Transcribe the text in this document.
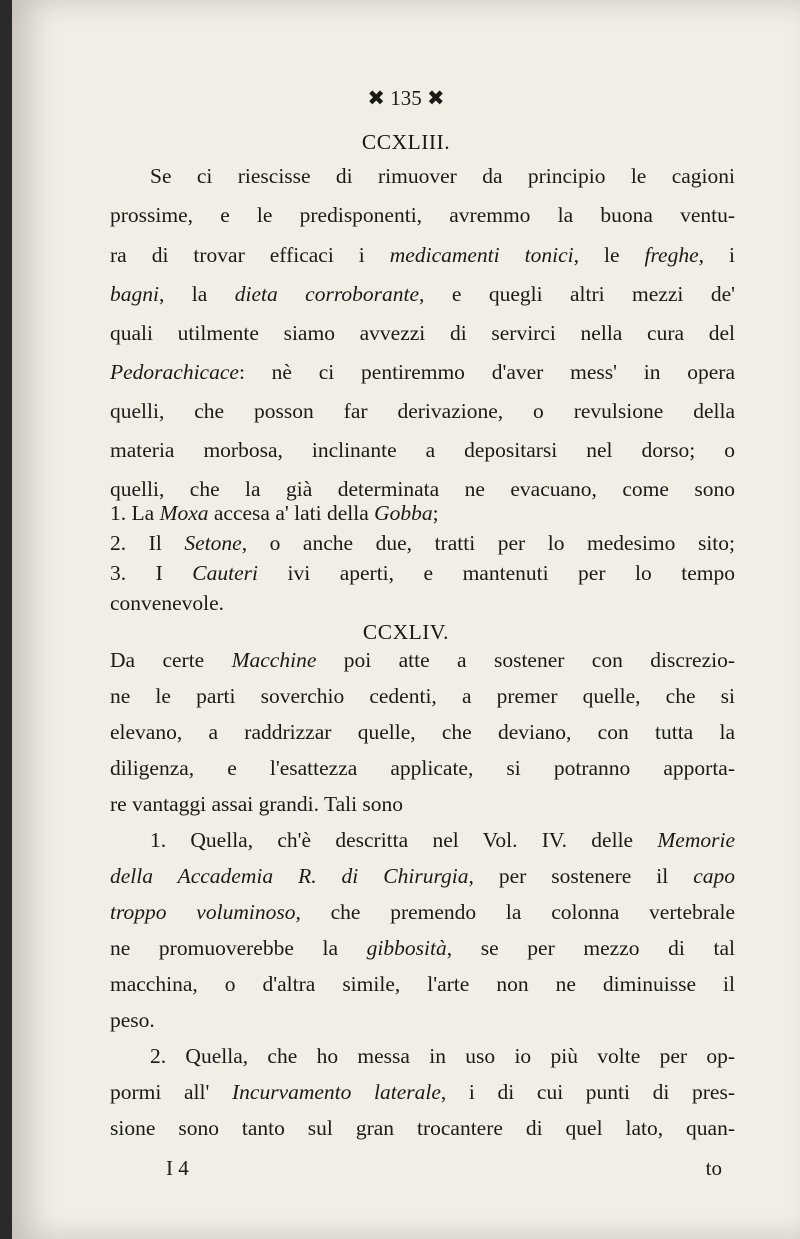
✖ 135 ✖

CCXLIII.

Se ci riescisse di rimuover da principio le cagioni

prossime, e le predisponenti, avremmo la buona ventu-

ra di trovar efficaci i medicamenti tonici, le freghe, i

bagni, la dieta corroborante, e quegli altri mezzi de'

quali utilmente siamo avvezzi di servirci nella cura del

Pedorachicace: nè ci pentiremmo d'aver mess' in opera

quelli, che posson far derivazione, o revulsione della

materia morbosa, inclinante a depositarsi nel dorso; o

quelli, che la già determinata ne evacuano, come sono

1. La Moxa accesa a' lati della Gobba;

2. Il Setone, o anche due, tratti per lo medesimo sito;

3. I Cauteri ivi aperti, e mantenuti per lo tempo

convenevole.

CCXLIV.

Da certe Macchine poi atte a sostener con discrezio-

ne le parti soverchio cedenti, a premer quelle, che si

elevano, a raddrizzar quelle, che deviano, con tutta la

diligenza, e l'esattezza applicate, si potranno apporta-

re vantaggi assai grandi. Tali sono

1. Quella, ch'è descritta nel Vol. IV. delle Memorie

della Accademia R. di Chirurgia, per sostenere il capo

troppo voluminoso, che premendo la colonna vertebrale

ne promuoverebbe la gibbosità, se per mezzo di tal

macchina, o d'altra simile, l'arte non ne diminuisse il

peso.

2. Quella, che ho messa in uso io più volte per op-

pormi all' Incurvamento laterale, i di cui punti di pres-

sione sono tanto sul gran trocantere di quel lato, quan-

I 4	to
